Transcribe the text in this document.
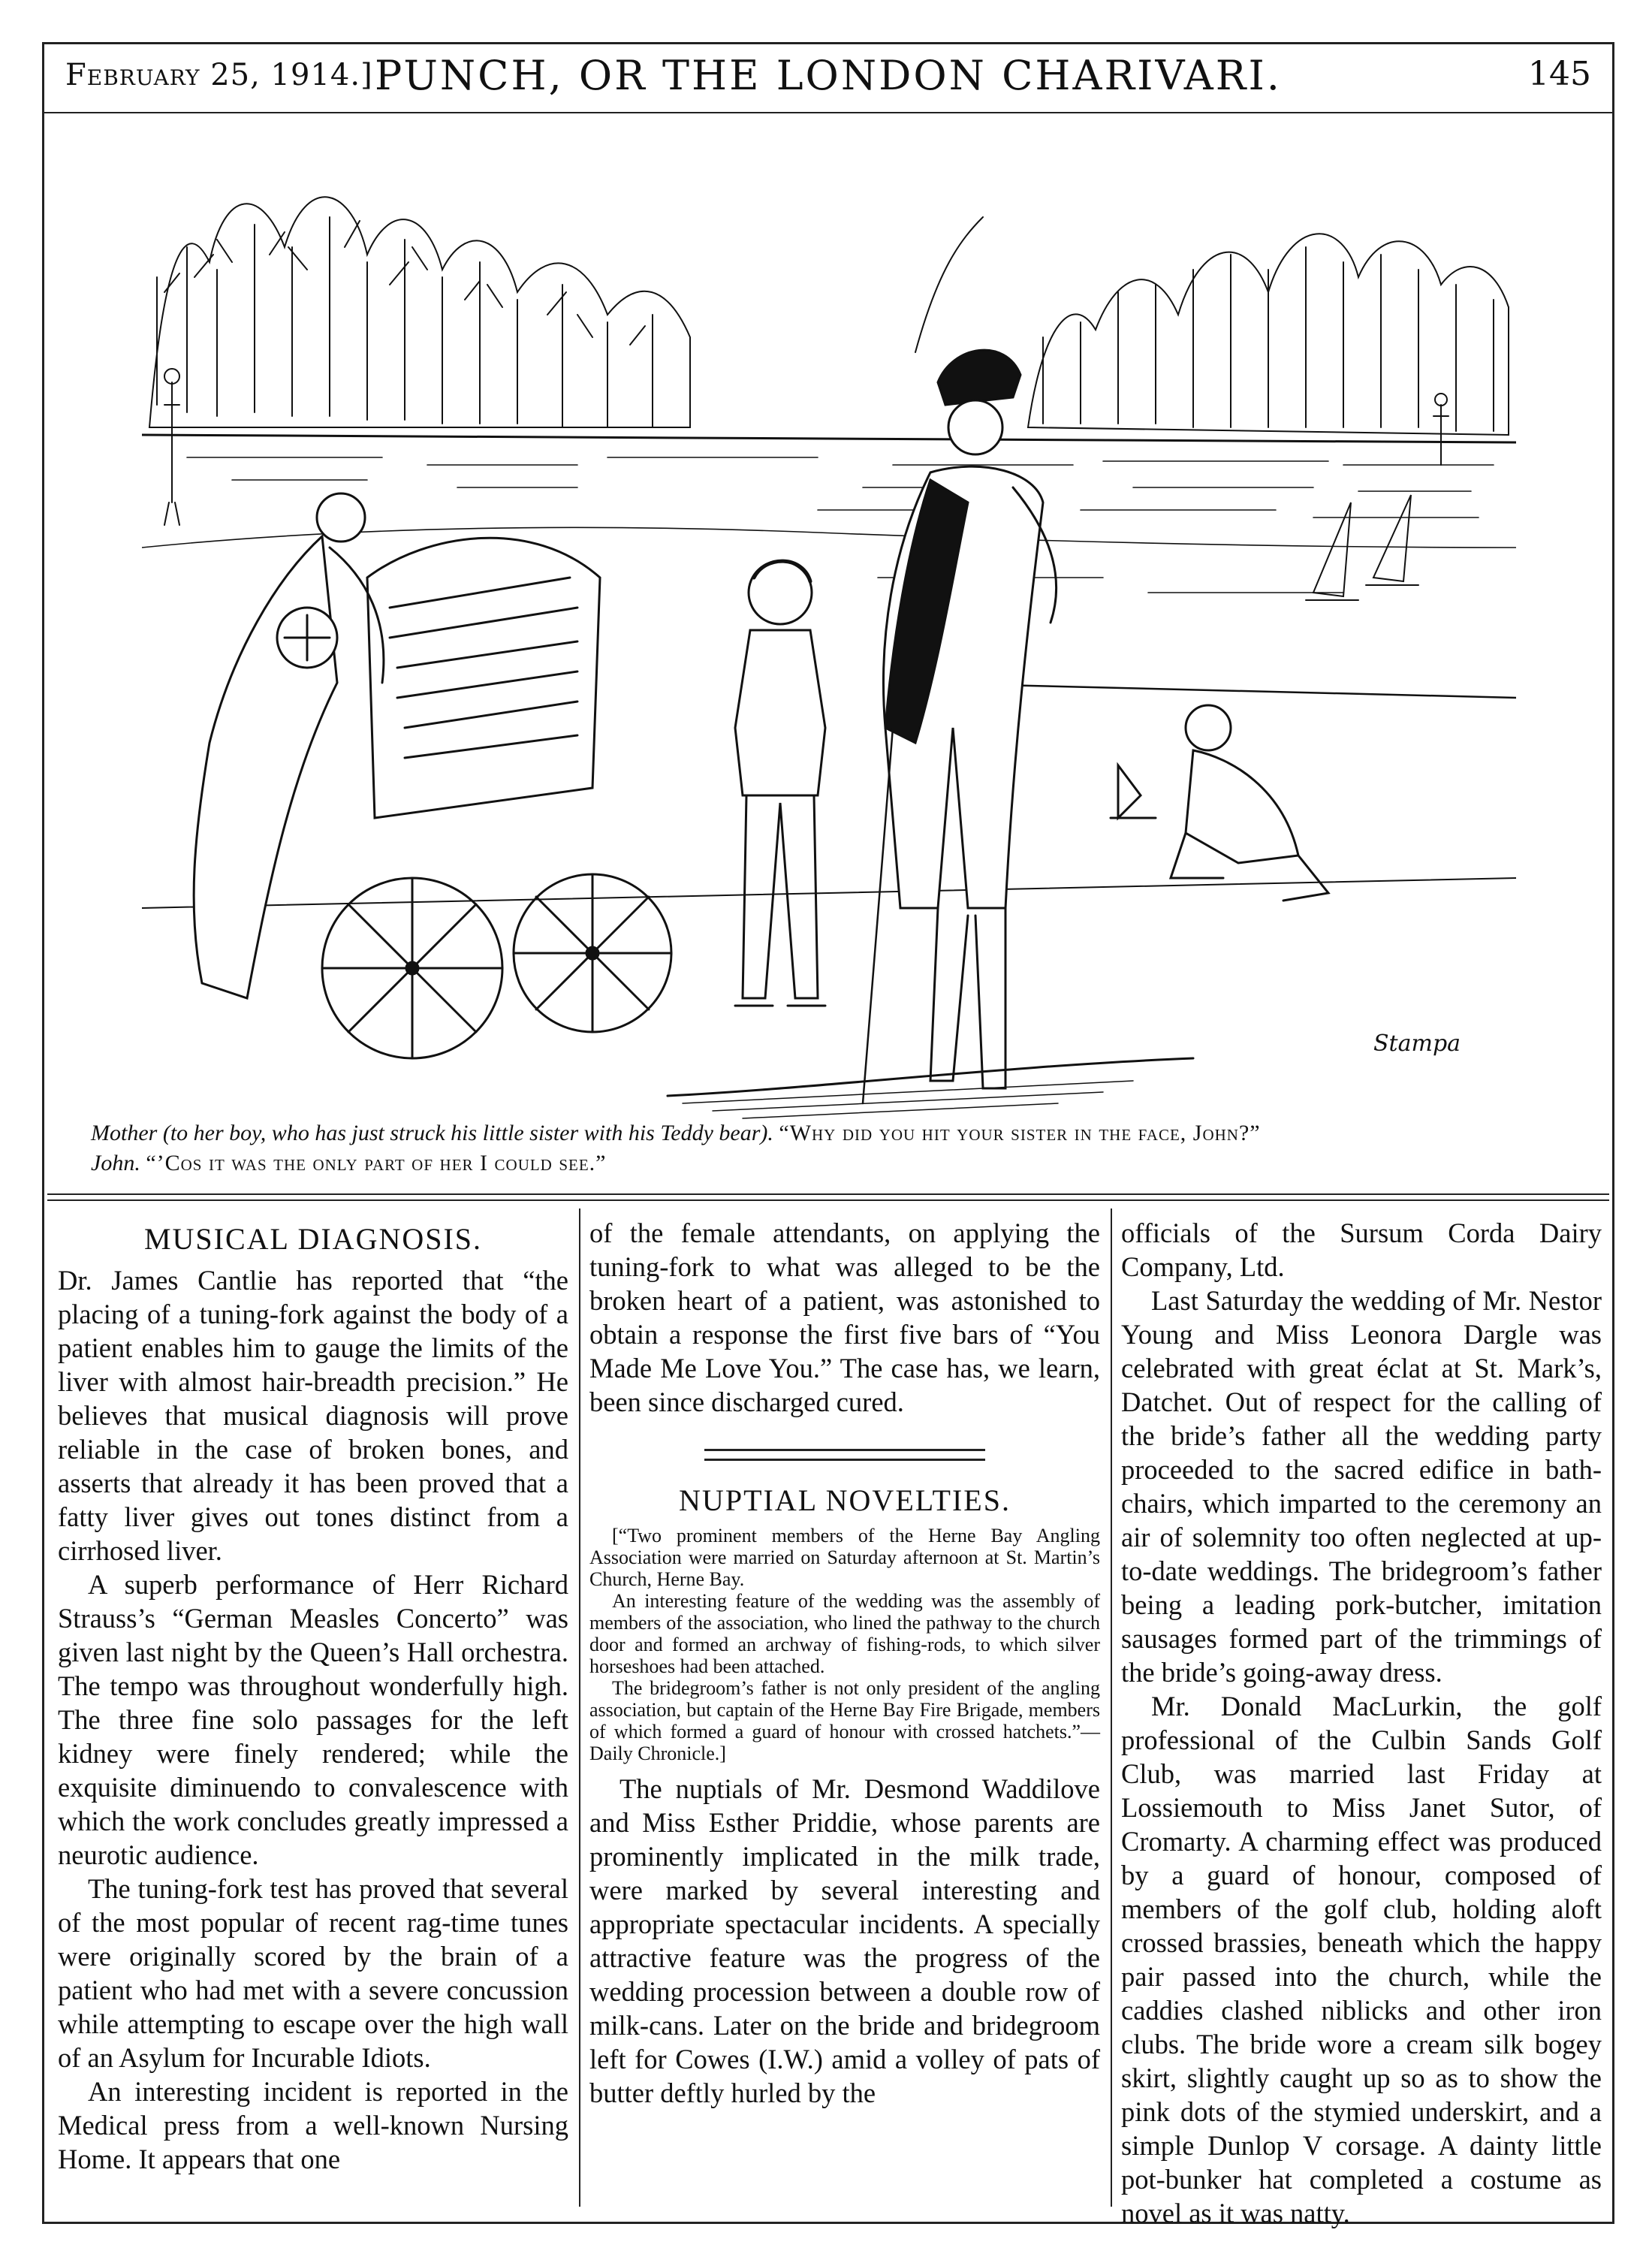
February 25, 1914.] PUNCH, OR THE LONDON CHARIVARI.	145
Stampa
Mother (to her boy, who has just struck his little sister with his Teddy bear). “Why did you hit your sister in the face, John?”
John. “’Cos it was the only part of her I could see.”
MUSICAL DIAGNOSIS.

Dr. James Cantlie has reported that “the placing of a tuning-fork against the body of a patient enables him to gauge the limits of the liver with almost hair-breadth precision.” He believes that musical diagnosis will prove reliable in the case of broken bones, and asserts that already it has been proved that a fatty liver gives out tones distinct from a cirrhosed liver.

A superb performance of Herr Richard Strauss’s “German Measles Concerto” was given last night by the Queen’s Hall orchestra. The tempo was throughout wonderfully high. The three fine solo passages for the left kidney were finely rendered; while the exquisite diminuendo to convalescence with which the work concludes greatly impressed a neurotic audience.

The tuning-fork test has proved that several of the most popular of recent rag-time tunes were originally scored by the brain of a patient who had met with a severe concussion while attempting to escape over the high wall of an Asylum for Incurable Idiots.

An interesting incident is reported in the Medical press from a well-known Nursing Home. It appears that one

of the female attendants, on applying the tuning-fork to what was alleged to be the broken heart of a patient, was astonished to obtain a response the first five bars of “You Made Me Love You.” The case has, we learn, been since discharged cured.

NUPTIAL NOVELTIES.

[“Two prominent members of the Herne Bay Angling Association were married on Saturday afternoon at St. Martin’s Church, Herne Bay.

An interesting feature of the wedding was the assembly of members of the association, who lined the pathway to the church door and formed an archway of fishing-rods, to which silver horseshoes had been attached.

The bridegroom’s father is not only president of the angling association, but captain of the Herne Bay Fire Brigade, members of which formed a guard of honour with crossed hatchets.”—Daily Chronicle.]

The nuptials of Mr. Desmond Waddilove and Miss Esther Priddie, whose parents are prominently implicated in the milk trade, were marked by several interesting and appropriate spectacular incidents. A specially attractive feature was the progress of the wedding procession between a double row of milk-cans. Later on the bride and bridegroom left for Cowes (I.W.) amid a volley of pats of butter deftly hurled by the

officials of the Sursum Corda Dairy Company, Ltd.

Last Saturday the wedding of Mr. Nestor Young and Miss Leonora Dargle was celebrated with great éclat at St. Mark’s, Datchet. Out of respect for the calling of the bride’s father all the wedding party proceeded to the sacred edifice in bath-chairs, which imparted to the ceremony an air of solemnity too often neglected at up-to-date weddings. The bridegroom’s father being a leading pork-butcher, imitation sausages formed part of the trimmings of the bride’s going-away dress.

Mr. Donald MacLurkin, the golf professional of the Culbin Sands Golf Club, was married last Friday at Lossiemouth to Miss Janet Sutor, of Cromarty. A charming effect was produced by a guard of honour, composed of members of the golf club, holding aloft crossed brassies, beneath which the happy pair passed into the church, while the caddies clashed niblicks and other iron clubs. The bride wore a cream silk bogey skirt, slightly caught up so as to show the pink dots of the stymied underskirt, and a simple Dunlop V corsage. A dainty little pot-bunker hat completed a costume as novel as it was natty.
